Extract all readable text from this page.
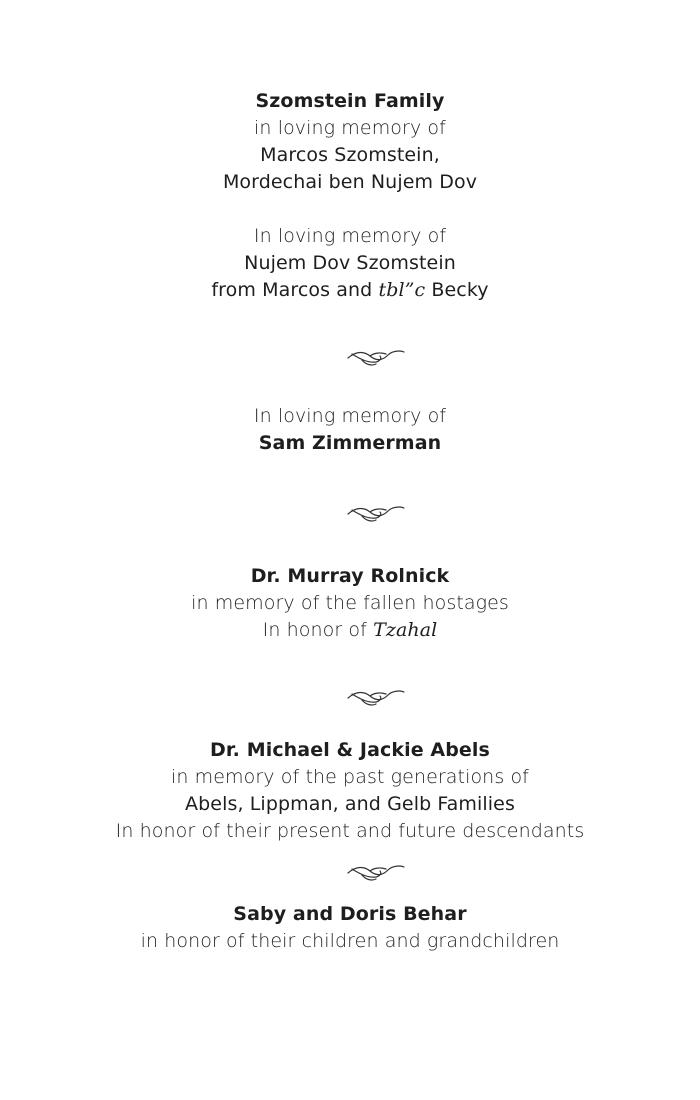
Szomstein Family
in loving memory of
Marcos Szomstein,
Mordechai ben Nujem Dov
In loving memory of
Nujem Dov Szomstein
from Marcos and tbl”c Becky
In loving memory of
Sam Zimmerman
Dr. Murray Rolnick
in memory of the fallen hostages
In honor of Tzahal
Dr. Michael & Jackie Abels
in memory of the past generations of
Abels, Lippman, and Gelb Families
In honor of their present and future descendants
Saby and Doris Behar
in honor of their children and grandchildren
